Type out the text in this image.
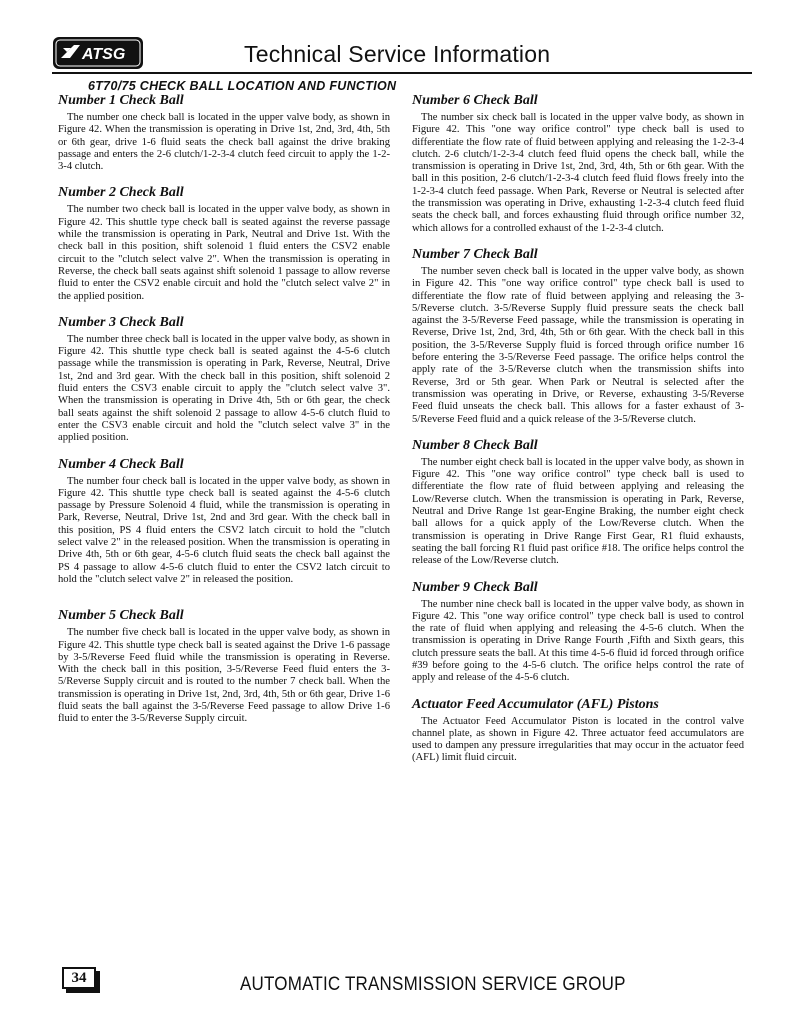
ATSG	Technical Service Information
6T70/75 CHECK BALL LOCATION AND FUNCTION
Number 1 Check Ball

The number one check ball is located in the upper valve body, as shown in Figure 42. When the transmission is operating in Drive 1st, 2nd, 3rd, 4th, 5th or 6th gear, drive 1-6 fluid seats the check ball against the drive braking passage and enters the 2-6 clutch/1-2-3-4 clutch feed circuit to apply the 1-2-3-4 clutch.

Number 2 Check Ball

The number two check ball is located in the upper valve body, as shown in Figure 42. This shuttle type check ball is seated against the reverse passage while the transmission is operating in Park, Neutral and Drive 1st. With the check ball in this position, shift solenoid 1 fluid enters the CSV2 enable circuit to the "clutch select valve 2". When the transmission is operating in Reverse, the check ball seats against shift solenoid 1 passage to allow reverse fluid to enter the CSV2 enable circuit and hold the "clutch select valve 2" in the applied position.

Number 3 Check Ball

The number three check ball is located in the upper valve body, as shown in Figure 42. This shuttle type check ball is seated against the 4-5-6 clutch passage while the transmission is operating in Park, Reverse, Neutral, Drive 1st, 2nd and 3rd gear. With the check ball in this position, shift solenoid 2 fluid enters the CSV3 enable circuit to apply the "clutch select valve 3". When the transmission is operating in Drive 4th, 5th or 6th gear, the check ball seats against the shift solenoid 2 passage to allow 4-5-6 clutch fluid to enter the CSV3 enable circuit and hold the "clutch select valve 3" in the applied position.

Number 4 Check Ball

The number four check ball is located in the upper valve body, as shown in Figure 42. This shuttle type check ball is seated against the 4-5-6 clutch passage by Pressure Solenoid 4 fluid, while the transmission is operating in Park, Reverse, Neutral, Drive 1st, 2nd and 3rd gear. With the check ball in this position, PS 4 fluid enters the CSV2 latch circuit to hold the "clutch select valve 2" in the released position. When the transmission is operating in Drive 4th, 5th or 6th gear, 4-5-6 clutch fluid seats the check ball against the PS 4 passage to allow 4-5-6 clutch fluid to enter the CSV2 latch circuit to hold the "clutch select valve 2" in released the position.

Number 5 Check Ball

The number five check ball is located in the upper valve body, as shown in Figure 42. This shuttle type check ball is seated against the Drive 1-6 passage by 3-5/Reverse Feed fluid while the transmission is operating in Reverse. With the check ball in this position, 3-5/Reverse Feed fluid enters the 3-5/Reverse Supply circuit and is routed to the number 7 check ball. When the transmission is operating in Drive 1st, 2nd, 3rd, 4th, 5th or 6th gear, Drive 1-6 fluid seats the ball against the 3-5/Reverse Feed passage to allow Drive 1-6 fluid to enter the 3-5/Reverse Supply circuit.

Number 6 Check Ball

The number six check ball is located in the upper valve body, as shown in Figure 42. This "one way orifice control" type check ball is used to differentiate the flow rate of fluid between applying and releasing the 1-2-3-4 clutch. 2-6 clutch/1-2-3-4 clutch feed fluid opens the check ball, while the transmission is operating in Drive 1st, 2nd, 3rd, 4th, 5th or 6th gear. With the ball in this position, 2-6 clutch/1-2-3-4 clutch feed fluid flows freely into the 1-2-3-4 clutch feed passage. When Park, Reverse or Neutral is selected after the transmission was operating in Drive, exhausting 1-2-3-4 clutch feed fluid seats the check ball, and forces exhausting fluid through orifice number 32, which allows for a controlled exhaust of the 1-2-3-4 clutch.

Number 7 Check Ball

The number seven check ball is located in the upper valve body, as shown in Figure 42. This "one way orifice control" type check ball is used to differentiate the flow rate of fluid between applying and releasing the 3-5/Reverse clutch. 3-5/Reverse Supply fluid pressure seats the check ball against the 3-5/Reverse Feed passage, while the transmission is operating in Reverse, Drive 1st, 2nd, 3rd, 4th, 5th or 6th gear. With the check ball in this position, the 3-5/Reverse Supply fluid is forced through orifice number 16 before entering the 3-5/Reverse Feed passage. The orifice helps control the apply rate of the 3-5/Reverse clutch when the transmission shifts into Reverse, 3rd or 5th gear. When Park or Neutral is selected after the transmission was operating in Drive, or Reverse, exhausting 3-5/Reverse Feed fluid unseats the check ball. This allows for a faster exhaust of 3-5/Reverse Feed fluid and a quick release of the 3-5/Reverse clutch.

Number 8 Check Ball

The number eight check ball is located in the upper valve body, as shown in Figure 42. This "one way orifice control" type check ball is used to differentiate the flow rate of fluid between applying and releasing the Low/Reverse clutch. When the transmission is operating in Park, Reverse, Neutral and Drive Range 1st gear-Engine Braking, the number eight check ball allows for a quick apply of the Low/Reverse clutch. When the transmission is operating in Drive Range First Gear, R1 fluid exhausts, seating the ball forcing R1 fluid past orifice #18. The orifice helps control the release of the Low/Reverse clutch.

Number 9 Check Ball

The number nine check ball is located in the upper valve body, as shown in Figure 42. This "one way orifice control" type check ball is used to control the rate of fluid when applying and releasing the 4-5-6 clutch. When the transmission is operating in Drive Range Fourth ,Fifth and Sixth gears, this clutch pressure seats the ball. At this time 4-5-6 fluid id forced through orifice #39 before going to the 4-5-6 clutch. The orifice helps control the rate of apply and release of the 4-5-6 clutch.

Actuator Feed Accumulator (AFL) Pistons

The Actuator Feed Accumulator Piston is located in the control valve channel plate, as shown in Figure 42. Three actuator feed accumulators are used to dampen any pressure irregularities that may occur in the actuator feed (AFL) limit fluid circuit.

34	AUTOMATIC TRANSMISSION SERVICE GROUP
